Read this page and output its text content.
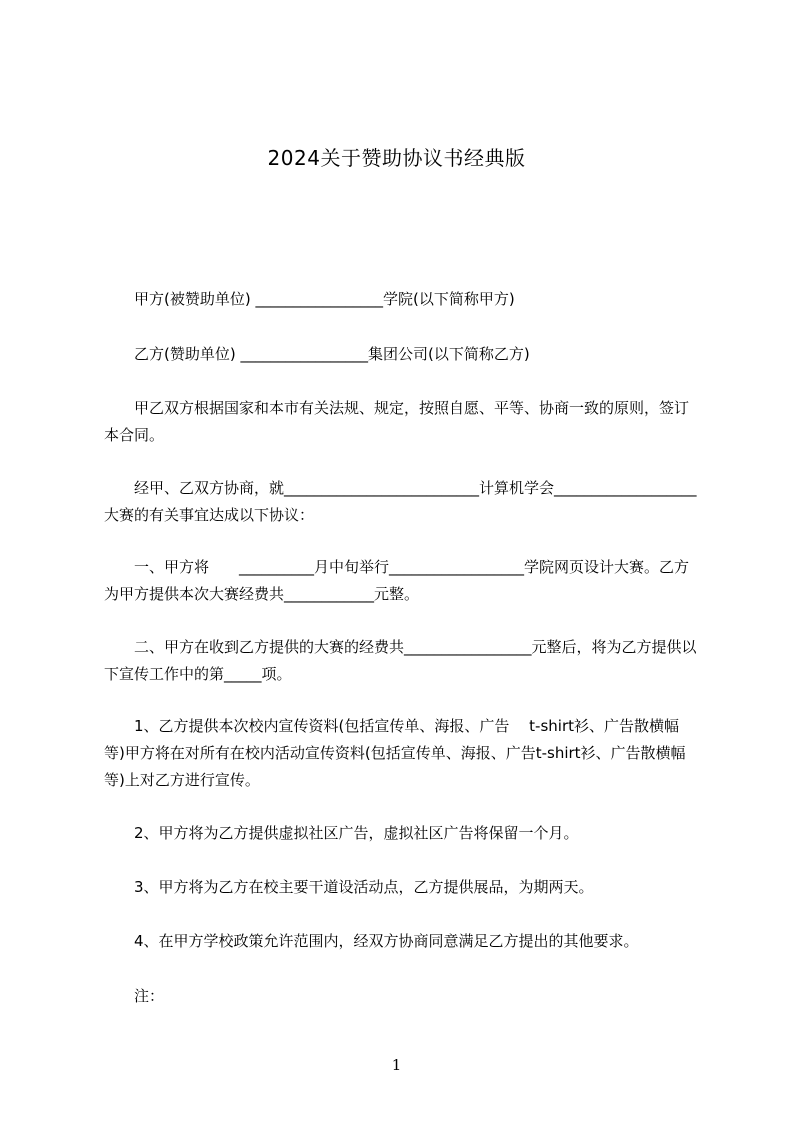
2024关于赞助协议书经典版
甲方(被赞助单位) _________________学院(以下简称甲方)
乙方(赞助单位) _________________集团公司(以下简称乙方)
甲乙双方根据国家和本市有关法规、规定，按照自愿、平等、协商一致的原则，签订本合同。
经甲、乙双方协商，就__________________________计算机学会___________________大赛的有关事宜达成以下协议：
一、甲方将　　__________月中旬举行__________________学院网页设计大赛。乙方为甲方提供本次大赛经费共____________元整。
二、甲方在收到乙方提供的大赛的经费共_________________元整后，将为乙方提供以下宣传工作中的第_____项。
1、乙方提供本次校内宣传资料(包括宣传单、海报、广告　 t-shirt衫、广告散横幅等)甲方将在对所有在校内活动宣传资料(包括宣传单、海报、广告t-shirt衫、广告散横幅等)上对乙方进行宣传。
2、甲方将为乙方提供虚拟社区广告，虚拟社区广告将保留一个月。
3、甲方将为乙方在校主要干道设活动点，乙方提供展品，为期两天。
4、在甲方学校政策允许范围内，经双方协商同意满足乙方提出的其他要求。
注：
1
